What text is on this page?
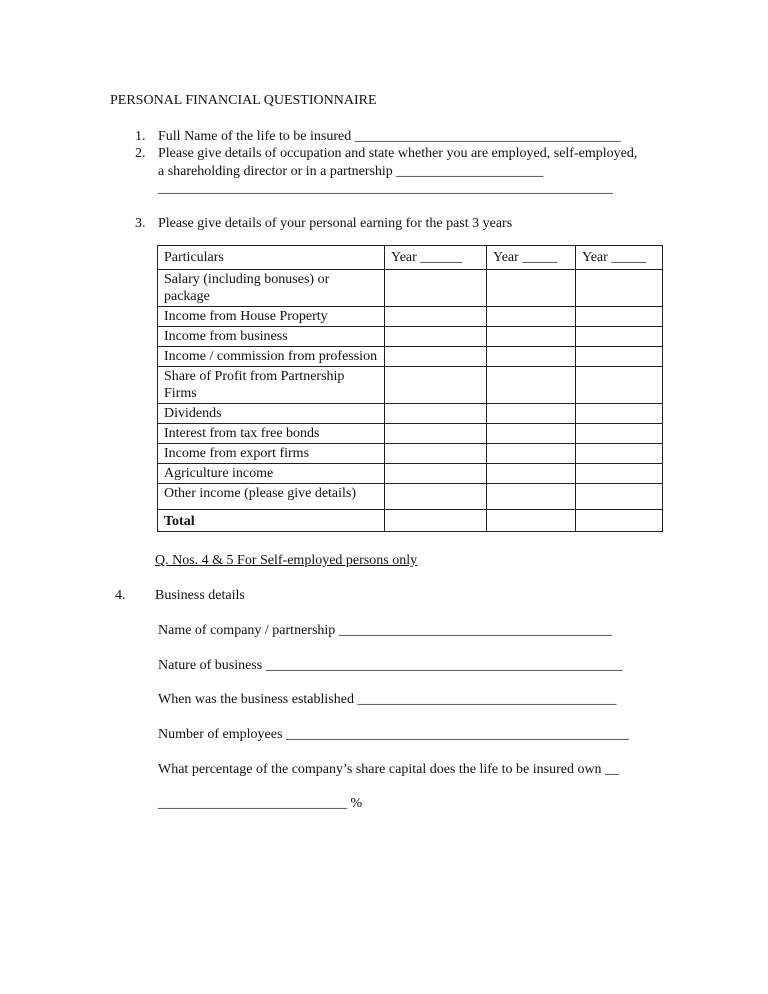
PERSONAL FINANCIAL QUESTIONNAIRE
1. Full Name of the life to be insured ______________________________________
2. Please give details of occupation and state whether you are employed, self-employed,
a shareholding director or in a partnership _____________________
_________________________________________________________________
3. Please give details of your personal earning for the past 3 years
Particulars	Year ______	Year _____	Year _____
Salary (including bonuses) or package			
Income from House Property			
Income from business			
Income / commission from profession			
Share of Profit from Partnership Firms			
Dividends			
Interest from tax free bonds			
Income from export firms			
Agriculture income			
Other income (please give details)			
Total			
Q. Nos. 4 & 5 For Self-employed persons only
4. Business details
Name of company / partnership _______________________________________
Nature of business ___________________________________________________
When was the business established _____________________________________
Number of employees _________________________________________________
What percentage of the company’s share capital does the life to be insured own __
___________________________ %
